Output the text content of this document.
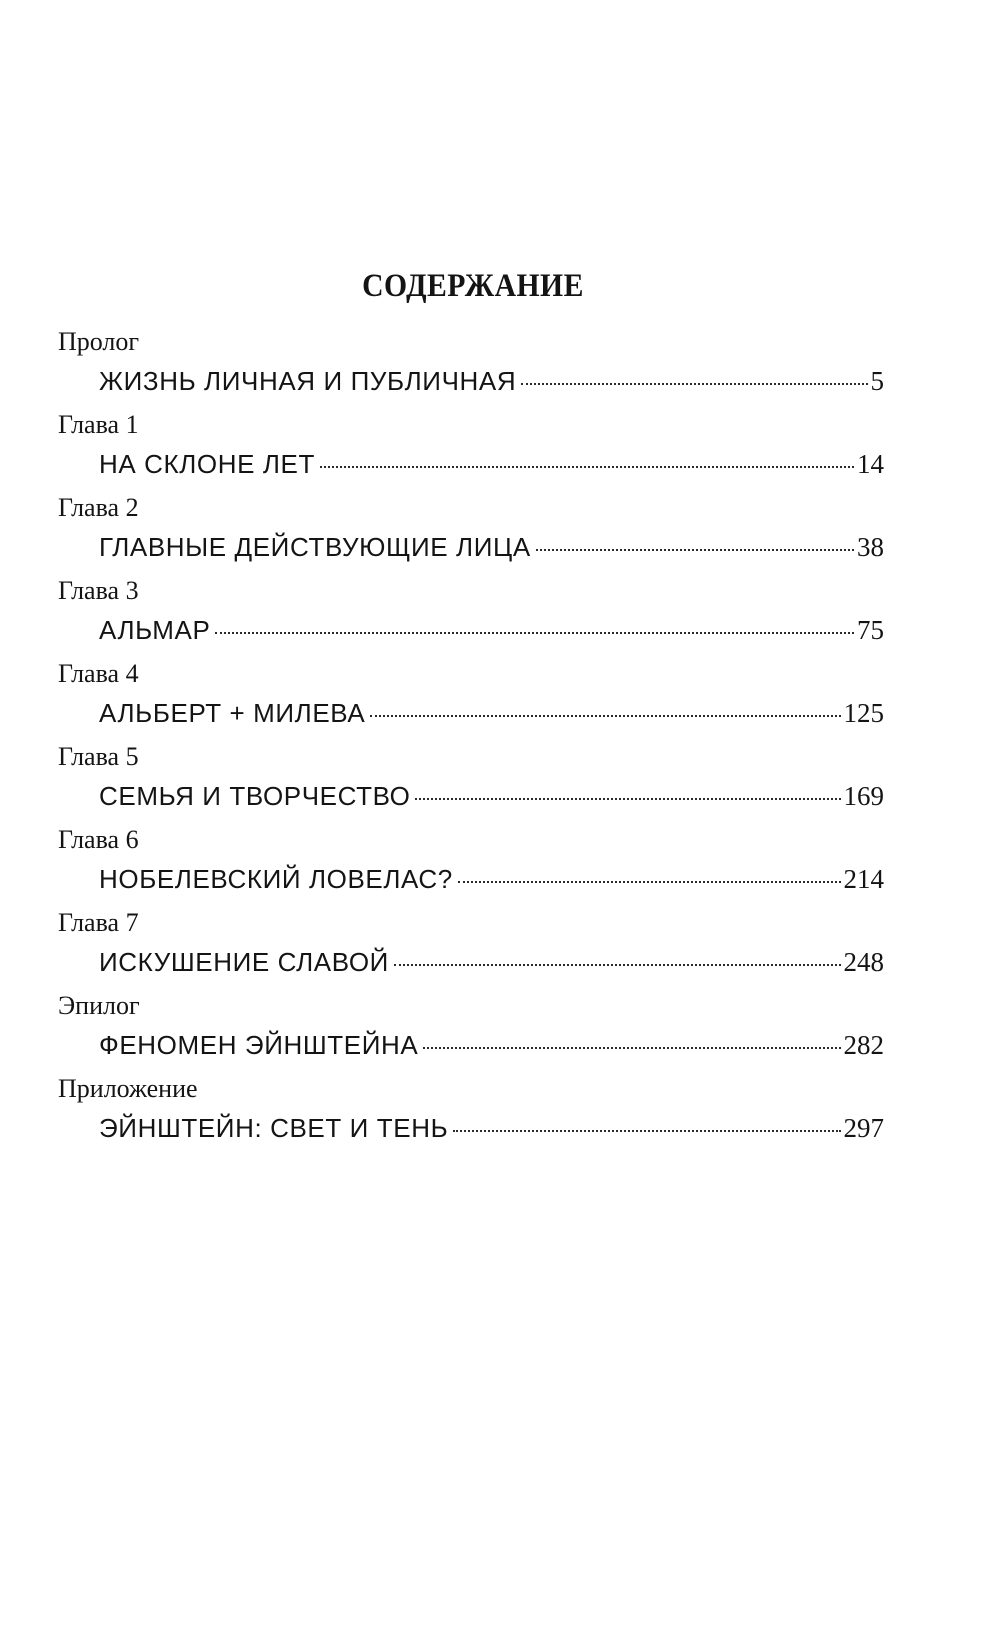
СОДЕРЖАНИЕ
Пролог
ЖИЗНЬ ЛИЧНАЯ И ПУБЛИЧНАЯ	5
Глава 1
НА СКЛОНЕ ЛЕТ	14
Глава 2
ГЛАВНЫЕ ДЕЙСТВУЮЩИЕ ЛИЦА	38
Глава 3
АЛЬМАР	75
Глава 4
АЛЬБЕРТ + МИЛЕВА	125
Глава 5
СЕМЬЯ И ТВОРЧЕСТВО	169
Глава 6
НОБЕЛЕВСКИЙ ЛОВЕЛАС?	214
Глава 7
ИСКУШЕНИЕ СЛАВОЙ	248
Эпилог
ФЕНОМЕН ЭЙНШТЕЙНА	282
Приложение
ЭЙНШТЕЙН: СВЕТ И ТЕНЬ	297
